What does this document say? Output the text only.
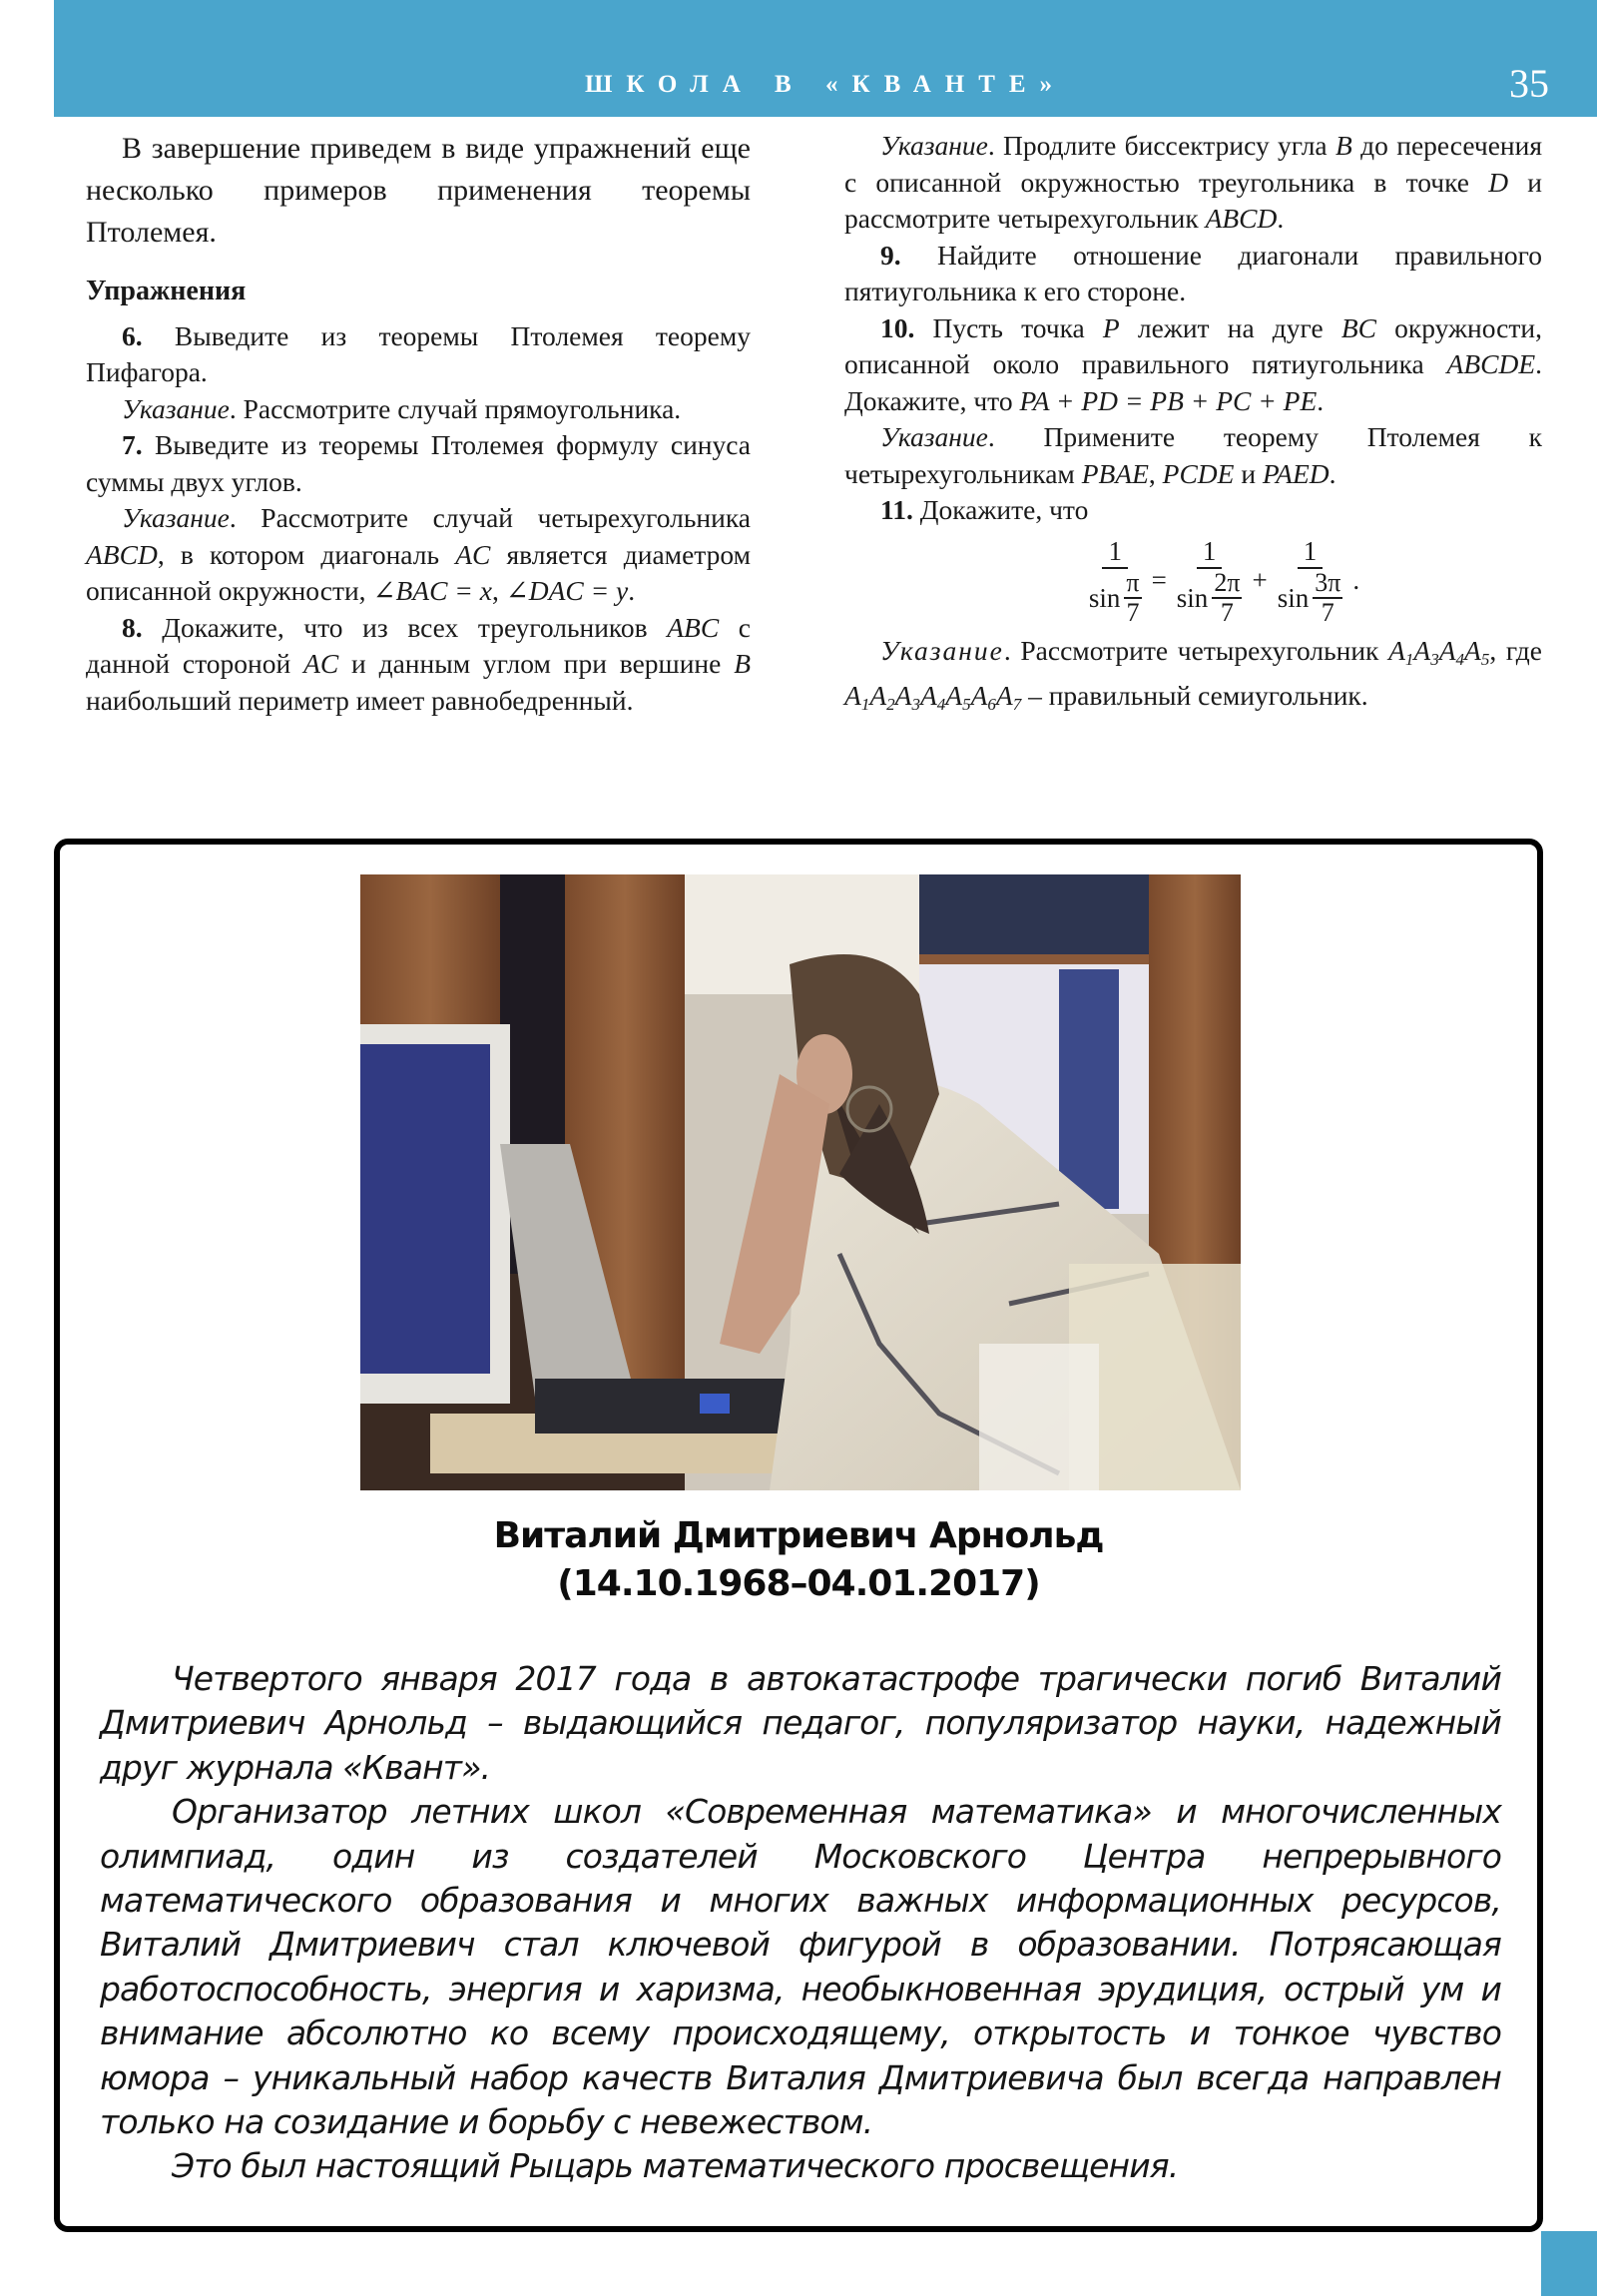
ШКОЛА В «КВАНТЕ»	35

В завершение приведем в виде упражнений еще несколько примеров применения теоремы Птолемея.

Упражнения

6. Выведите из теоремы Птолемея теорему Пифагора.

Указание. Рассмотрите случай прямоугольника.

7. Выведите из теоремы Птолемея формулу синуса суммы двух углов.

Указание. Рассмотрите случай четырехугольника ABCD, в котором диагональ AC является диаметром описанной окружности, ∠BAC = x, ∠DAC = y.

8. Докажите, что из всех треугольников ABC с данной стороной AC и данным углом при вершине B наибольший периметр имеет равнобедренный.

Указание. Продлите биссектрису угла B до пересечения с описанной окружностью треугольника в точке D и рассмотрите четырехугольник ABCD.

9. Найдите отношение диагонали правильного пятиугольника к его стороне.

10. Пусть точка P лежит на дуге BC окружности, описанной около правильного пятиугольника ABCDE. Докажите, что PA + PD = PB + PC + PE.

Указание. Примените теорему Птолемея к четырехугольникам PBAE, PCDE и PAED.

11. Докажите, что

$\frac{1}{\sin \frac{\pi}{7}} = \frac{1}{\sin \frac{2\pi}{7}} + \frac{1}{\sin \frac{3\pi}{7}}$ .

Указание. Рассмотрите четырехугольник $A_1A_3A_4A_5$, где $A_1A_2A_3A_4A_5A_6A_7$ – правильный семиугольник.

Виталий Дмитриевич Арнольд
(14.10.1968–04.01.2017)

Четвертого января 2017 года в автокатастрофе трагически погиб Виталий Дмитриевич Арнольд – выдающийся педагог, популяризатор науки, надежный друг журнала «Квант».

Организатор летних школ «Современная математика» и многочисленных олимпиад, один из создателей Московского Центра непрерывного математического образования и многих важных информационных ресурсов, Виталий Дмитриевич стал ключевой фигурой в образовании. Потрясающая работоспособность, энергия и харизма, необыкновенная эрудиция, острый ум и внимание абсолютно ко всему происходящему, открытость и тонкое чувство юмора – уникальный набор качеств Виталия Дмитриевича был всегда направлен только на созидание и борьбу с невежеством.

Это был настоящий Рыцарь математического просвещения.
